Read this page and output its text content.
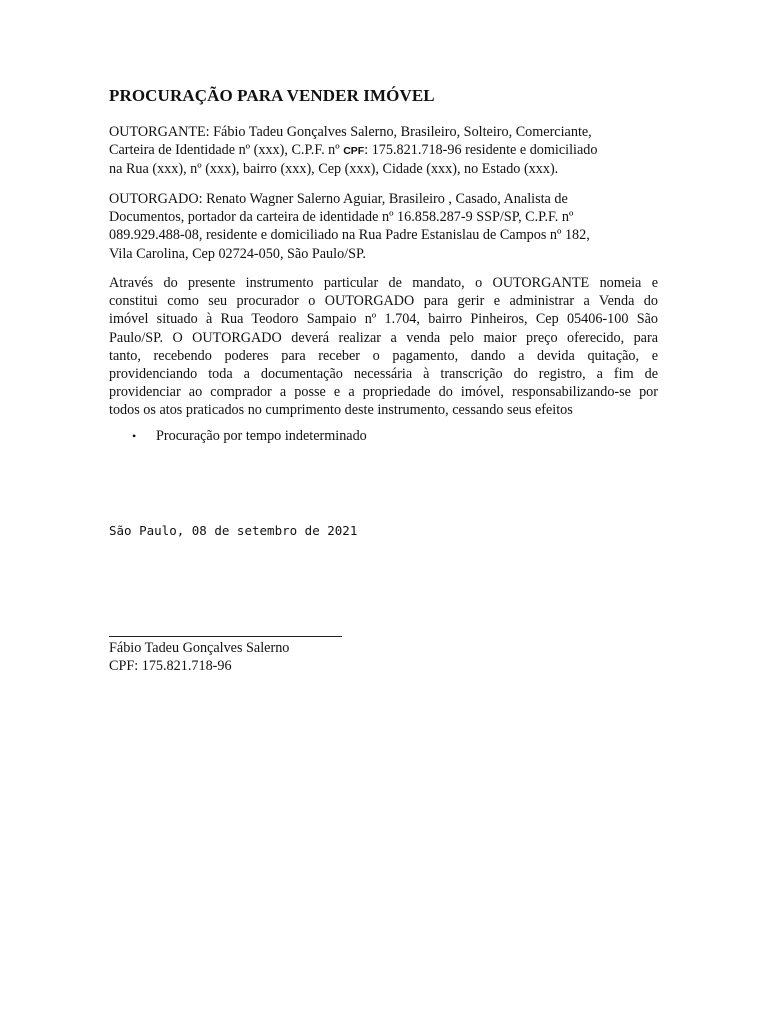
PROCURAÇÃO PARA VENDER IMÓVEL
OUTORGANTE: Fábio Tadeu Gonçalves Salerno, Brasileiro, Solteiro, Comerciante,
Carteira de Identidade nº (xxx), C.P.F. nº CPF: 175.821.718-96 residente e domiciliado
na Rua (xxx), nº (xxx), bairro (xxx), Cep (xxx), Cidade (xxx), no Estado (xxx).
OUTORGADO: Renato Wagner Salerno Aguiar, Brasileiro , Casado, Analista de
Documentos, portador da carteira de identidade nº 16.858.287-9 SSP/SP, C.P.F. nº
089.929.488-08, residente e domiciliado na Rua Padre Estanislau de Campos nº 182,
Vila Carolina, Cep 02724-050, São Paulo/SP.
Através do presente instrumento particular de mandato, o OUTORGANTE nomeia e
constitui como seu procurador o OUTORGADO para gerir e administrar a Venda do
imóvel situado à Rua Teodoro Sampaio nº 1.704, bairro Pinheiros, Cep 05406-100 São
Paulo/SP. O OUTORGADO deverá realizar a venda pelo maior preço oferecido, para
tanto, recebendo poderes para receber o pagamento, dando a devida quitação, e
providenciando toda a documentação necessária à transcrição do registro, a fim de
providenciar ao comprador a posse e a propriedade do imóvel, responsabilizando-se por
todos os atos praticados no cumprimento deste instrumento, cessando seus efeitos
• Procuração por tempo indeterminado
São Paulo, 08 de setembro de 2021
Fábio Tadeu Gonçalves Salerno
CPF: 175.821.718-96
